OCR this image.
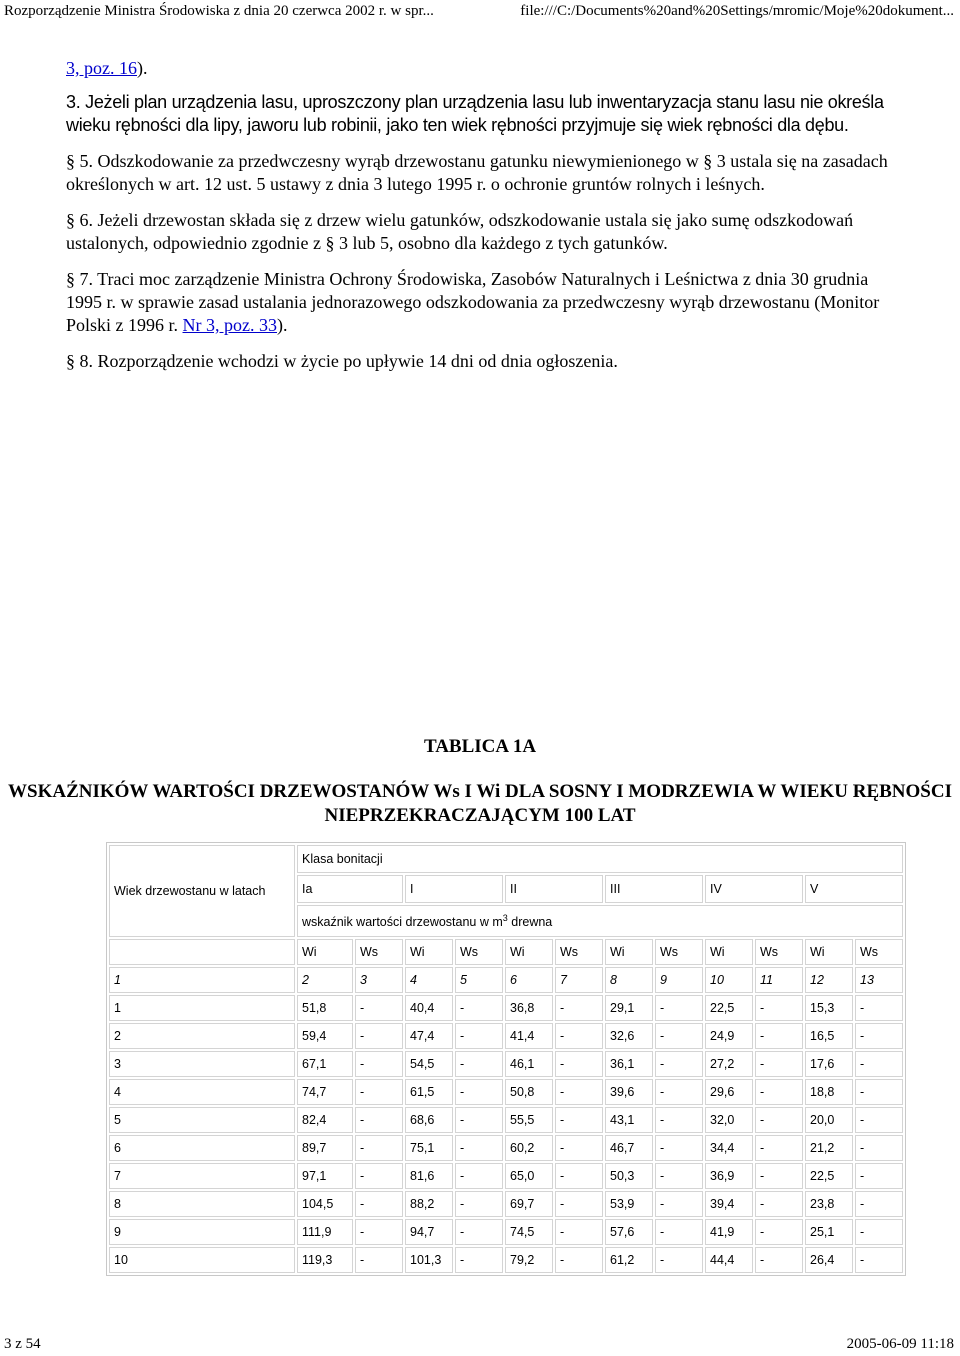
Rozporządzenie Ministra Środowiska z dnia 20 czerwca 2002 r. w spr...	file:///C:/Documents%20and%20Settings/mromic/Moje%20dokument...

3, poz. 16).

3. Jeżeli plan urządzenia lasu, uproszczony plan urządzenia lasu lub inwentaryzacja stanu lasu nie określa wieku rębności dla lipy, jaworu lub robinii, jako ten wiek rębności przyjmuje się wiek rębności dla dębu.

§ 5. Odszkodowanie za przedwczesny wyrąb drzewostanu gatunku niewymienionego w § 3 ustala się na zasadach określonych w art. 12 ust. 5 ustawy z dnia 3 lutego 1995 r. o ochronie gruntów rolnych i leśnych.

§ 6. Jeżeli drzewostan składa się z drzew wielu gatunków, odszkodowanie ustala się jako sumę odszkodowań ustalonych, odpowiednio zgodnie z § 3 lub 5, osobno dla każdego z tych gatunków.

§ 7. Traci moc zarządzenie Ministra Ochrony Środowiska, Zasobów Naturalnych i Leśnictwa z dnia 30 grudnia 1995 r. w sprawie zasad ustalania jednorazowego odszkodowania za przedwczesny wyrąb drzewostanu (Monitor Polski z 1996 r. Nr 3, poz. 33).

§ 8. Rozporządzenie wchodzi w życie po upływie 14 dni od dnia ogłoszenia.

TABLICA 1A
WSKAŹNIKÓW WARTOŚCI DRZEWOSTANÓW Ws I Wi DLA SOSNY I MODRZEWIA W WIEKU RĘBNOŚCI NIEPRZEKRACZAJĄCYM 100 LAT
Wiek drzewostanu w latach	Klasa bonitacji											
	Ia		I		II		III		IV		V	
	wskaźnik wartości drzewostanu w $m^3$ drewna											
	Wi	Ws	Wi	Ws	Wi	Ws	Wi	Ws	Wi	Ws	Wi	Ws
1	2	3	4	5	6	7	8	9	10	11	12	13
1	51,8	-	40,4	-	36,8	-	29,1	-	22,5	-	15,3	-
2	59,4	-	47,4	-	41,4	-	32,6	-	24,9	-	16,5	-
3	67,1	-	54,5	-	46,1	-	36,1	-	27,2	-	17,6	-
4	74,7	-	61,5	-	50,8	-	39,6	-	29,6	-	18,8	-
5	82,4	-	68,6	-	55,5	-	43,1	-	32,0	-	20,0	-
6	89,7	-	75,1	-	60,2	-	46,7	-	34,4	-	21,2	-
7	97,1	-	81,6	-	65,0	-	50,3	-	36,9	-	22,5	-
8	104,5	-	88,2	-	69,7	-	53,9	-	39,4	-	23,8	-
9	111,9	-	94,7	-	74,5	-	57,6	-	41,9	-	25,1	-
10	119,3	-	101,3	-	79,2	-	61,2	-	44,4	-	26,4	-
3 z 54	2005-06-09 11:18
